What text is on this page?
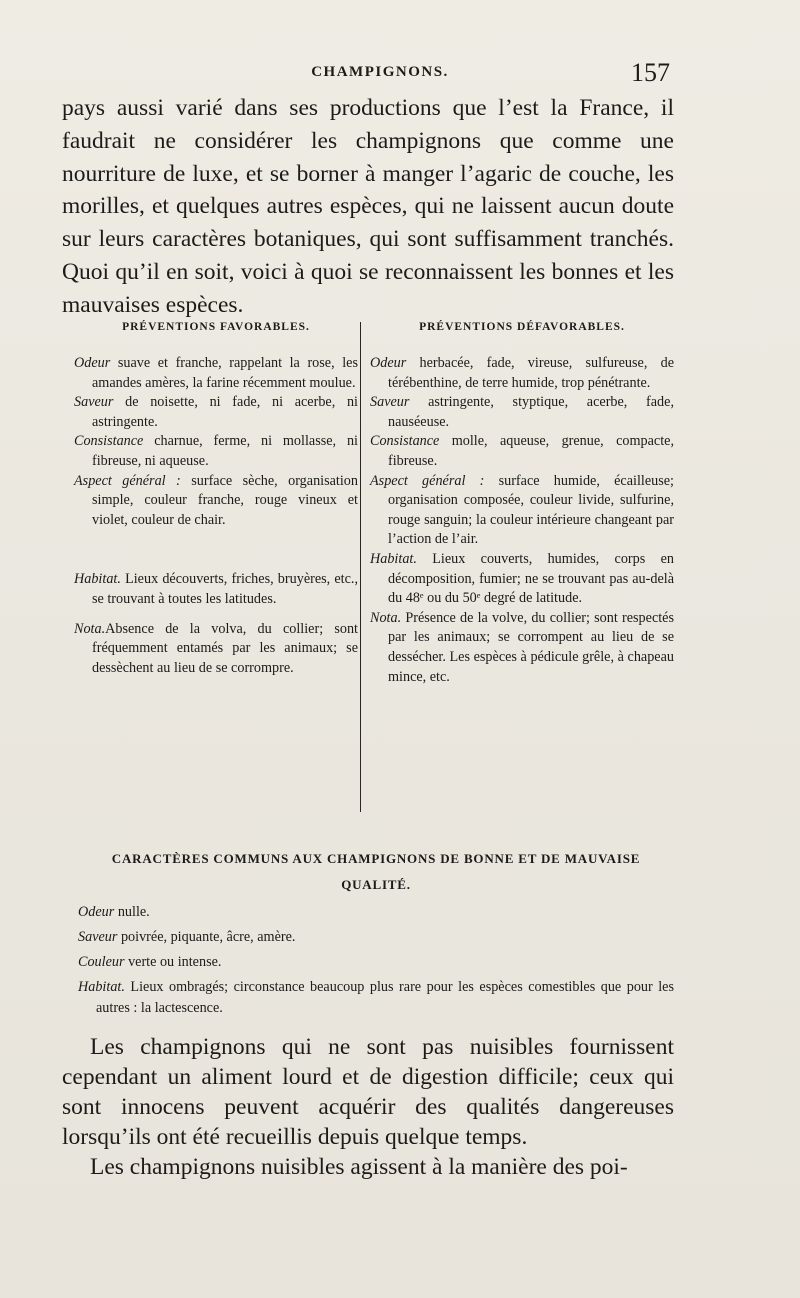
CHAMPIGNONS.	157

pays aussi varié dans ses productions que l’est la France, il faudrait ne considérer les champignons que comme une nourriture de luxe, et se borner à manger l’agaric de couche, les morilles, et quelques autres espèces, qui ne laissent aucun doute sur leurs caractères botaniques, qui sont suffisamment tranchés. Quoi qu’il en soit, voici à quoi se reconnaissent les bonnes et les mauvaises espèces.

PRÉVENTIONS FAVORABLES.

Odeur suave et franche, rappelant la rose, les amandes amères, la farine récemment moulue.

Saveur de noisette, ni fade, ni acerbe, ni astringente.

Consistance charnue, ferme, ni mollasse, ni fibreuse, ni aqueuse.

Aspect général : surface sèche, organisation simple, couleur franche, rouge vineux et violet, couleur de chair.

Habitat. Lieux découverts, friches, bruyères, etc., se trouvant à toutes les latitudes.

Nota.Absence de la volva, du collier; sont fréquemment entamés par les animaux; se dessèchent au lieu de se corrompre.

PRÉVENTIONS DÉFAVORABLES.

Odeur herbacée, fade, vireuse, sulfureuse, de térébenthine, de terre humide, trop pénétrante.

Saveur astringente, styptique, acerbe, fade, nauséeuse.

Consistance molle, aqueuse, grenue, compacte, fibreuse.

Aspect général : surface humide, écailleuse; organisation composée, couleur livide, sulfurine, rouge sanguin; la couleur intérieure changeant par l’action de l’air.

Habitat. Lieux couverts, humides, corps en décomposition, fumier; ne se trouvant pas au-delà du 48ᵉ ou du 50ᵉ degré de latitude.

Nota. Présence de la volve, du collier; sont respectés par les animaux; se corrompent au lieu de se dessécher. Les espèces à pédicule grêle, à chapeau mince, etc.

CARACTÈRES COMMUNS AUX CHAMPIGNONS DE BONNE ET DE MAUVAISE QUALITÉ.

Odeur nulle.

Saveur poivrée, piquante, âcre, amère.

Couleur verte ou intense.

Habitat. Lieux ombragés; circonstance beaucoup plus rare pour les espèces comestibles que pour les autres : la lactescence.

Les champignons qui ne sont pas nuisibles fournissent cependant un aliment lourd et de digestion difficile; ceux qui sont innocens peuvent acquérir des qualités dangereuses lorsqu’ils ont été recueillis depuis quelque temps.

Les champignons nuisibles agissent à la manière des poi-
